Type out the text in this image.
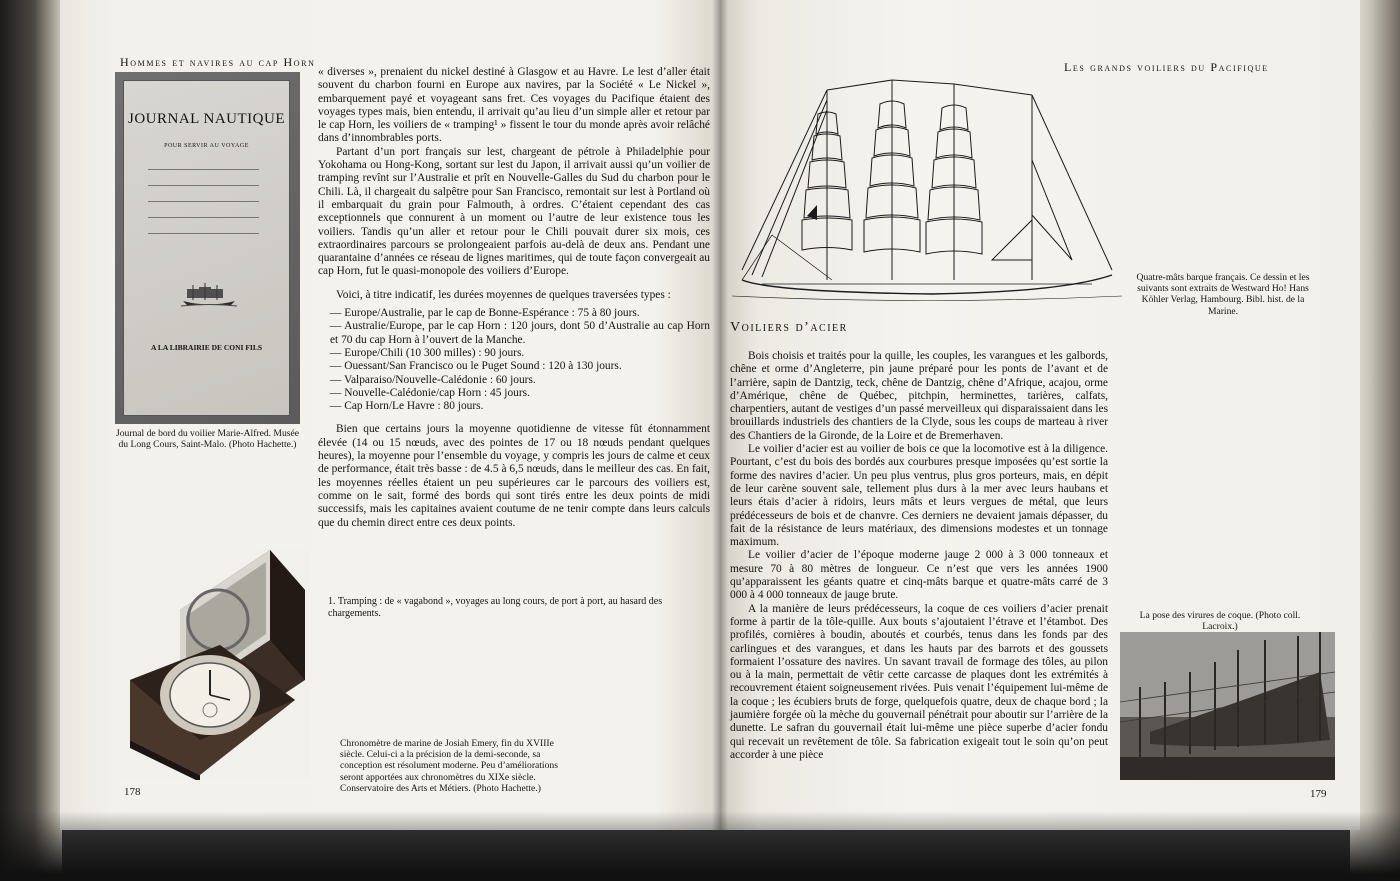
Hommes et navires au cap Horn
JOURNAL NAUTIQUE
POUR SERVIR AU VOYAGE
A LA LIBRAIRIE DE CONI FILS
Journal de bord du voilier Marie-Alfred. Musée du Long Cours, Saint-Malo. (Photo Hachette.)

« diverses », prenaient du nickel destiné à Glasgow et au Havre. Le lest d’aller était souvent du charbon fourni en Europe aux navires, par la Société « Le Nickel », embarquement payé et voyageant sans fret. Ces voyages du Pacifique étaient des voyages types mais, bien entendu, il arrivait qu’au lieu d’un simple aller et retour par le cap Horn, les voiliers de « tramping¹ » fissent le tour du monde après avoir relâché dans d’innombrables ports.

Partant d’un port français sur lest, chargeant de pétrole à Philadelphie pour Yokohama ou Hong-Kong, sortant sur lest du Japon, il arrivait aussi qu’un voilier de tramping revînt sur l’Australie et prît en Nouvelle-Galles du Sud du charbon pour le Chili. Là, il chargeait du salpêtre pour San Francisco, remontait sur lest à Portland où il embarquait du grain pour Falmouth, à ordres. C’étaient cependant des cas exceptionnels que connurent à un moment ou l’autre de leur existence tous les voiliers. Tandis qu’un aller et retour pour le Chili pouvait durer six mois, ces extraordinaires parcours se prolongeaient parfois au-delà de deux ans. Pendant une quarantaine d’années ce réseau de lignes maritimes, qui de toute façon convergeait au cap Horn, fut le quasi-monopole des voiliers d’Europe.

Voici, à titre indicatif, les durées moyennes de quelques traversées types :

— Europe/Australie, par le cap de Bonne-Espérance : 75 à 80 jours.
— Australie/Europe, par le cap Horn : 120 jours, dont 50 d’Australie au cap Horn et 70 du cap Horn à l’ouvert de la Manche.
— Europe/Chili (10 300 milles) : 90 jours.
— Ouessant/San Francisco ou le Puget Sound : 120 à 130 jours.
— Valparaiso/Nouvelle-Calédonie : 60 jours.
— Nouvelle-Calédonie/cap Horn : 45 jours.
— Cap Horn/Le Havre : 80 jours.

Bien que certains jours la moyenne quotidienne de vitesse fût étonnamment élevée (14 ou 15 nœuds, avec des pointes de 17 ou 18 nœuds pendant quelques heures), la moyenne pour l’ensemble du voyage, y compris les jours de calme et ceux de performance, était très basse : de 4.5 à 6,5 nœuds, dans le meilleur des cas. En fait, les moyennes réelles étaient un peu supérieures car le parcours des voiliers est, comme on le sait, formé des bords qui sont tirés entre les deux points de midi successifs, mais les capitaines avaient coutume de ne tenir compte dans leurs calculs que du chemin direct entre ces deux points.

1. Tramping : de « vagabond », voyages au long cours, de port à port, au hasard des chargements.
Chronomètre de marine de Josiah Emery, fin du XVIIIe siècle. Celui-ci a la précision de la demi-seconde, sa conception est résolument moderne. Peu d’améliorations seront apportées aux chronomètres du XIXe siècle. Conservatoire des Arts et Métiers. (Photo Hachette.)
178
Les grands voiliers du Pacifique
Quatre-mâts barque français. Ce dessin et les suivants sont extraits de Westward Ho! Hans Köhler Verlag, Hambourg. Bibl. hist. de la Marine.
Voiliers d’acier

Bois choisis et traités pour la quille, les couples, les varangues et les galbords, chêne et orme d’Angleterre, pin jaune préparé pour les ponts de l’avant et de l’arrière, sapin de Dantzig, teck, chêne de Dantzig, chêne d’Afrique, acajou, orme d’Amérique, chêne de Québec, pitchpin, herminettes, tarières, calfats, charpentiers, autant de vestiges d’un passé merveilleux qui disparaissaient dans les brouillards industriels des chantiers de la Clyde, sous les coups de marteau à river des Chantiers de la Gironde, de la Loire et de Bremerhaven.

Le voilier d’acier est au voilier de bois ce que la locomotive est à la diligence. Pourtant, c’est du bois des bordés aux courbures presque imposées qu’est sortie la forme des navires d’acier. Un peu plus ventrus, plus gros porteurs, mais, en dépit de leur carène souvent sale, tellement plus durs à la mer avec leurs haubans et leurs étais d’acier à ridoirs, leurs mâts et leurs vergues de métal, que leurs prédécesseurs de bois et de chanvre. Ces derniers ne devaient jamais dépasser, du fait de la résistance de leurs matériaux, des dimensions modestes et un tonnage maximum.

Le voilier d’acier de l’époque moderne jauge 2 000 à 3 000 tonneaux et mesure 70 à 80 mètres de longueur. Ce n’est que vers les années 1900 qu’apparaissent les géants quatre et cinq-mâts barque et quatre-mâts carré de 3 000 à 4 000 tonneaux de jauge brute.

A la manière de leurs prédécesseurs, la coque de ces voiliers d’acier prenait forme à partir de la tôle-quille. Aux bouts s’ajoutaient l’étrave et l’étambot. Des profilés, cornières à boudin, aboutés et courbés, tenus dans les fonds par des carlingues et des varangues, et dans les hauts par des barrots et des goussets formaient l’ossature des navires. Un savant travail de formage des tôles, au pilon ou à la main, permettait de vêtir cette carcasse de plaques dont les extrémités à recouvrement étaient soigneusement rivées. Puis venait l’équipement lui-même de la coque ; les écubiers bruts de forge, quelquefois quatre, deux de chaque bord ; la jaumière forgée où la mèche du gouvernail pénétrait pour aboutir sur l’arrière de la dunette. Le safran du gouvernail était lui-même une pièce superbe d’acier fondu qui recevait un revêtement de tôle. Sa fabrication exigeait tout le soin qu’on peut accorder à une pièce

La pose des virures de coque. (Photo coll. Lacroix.)
179
